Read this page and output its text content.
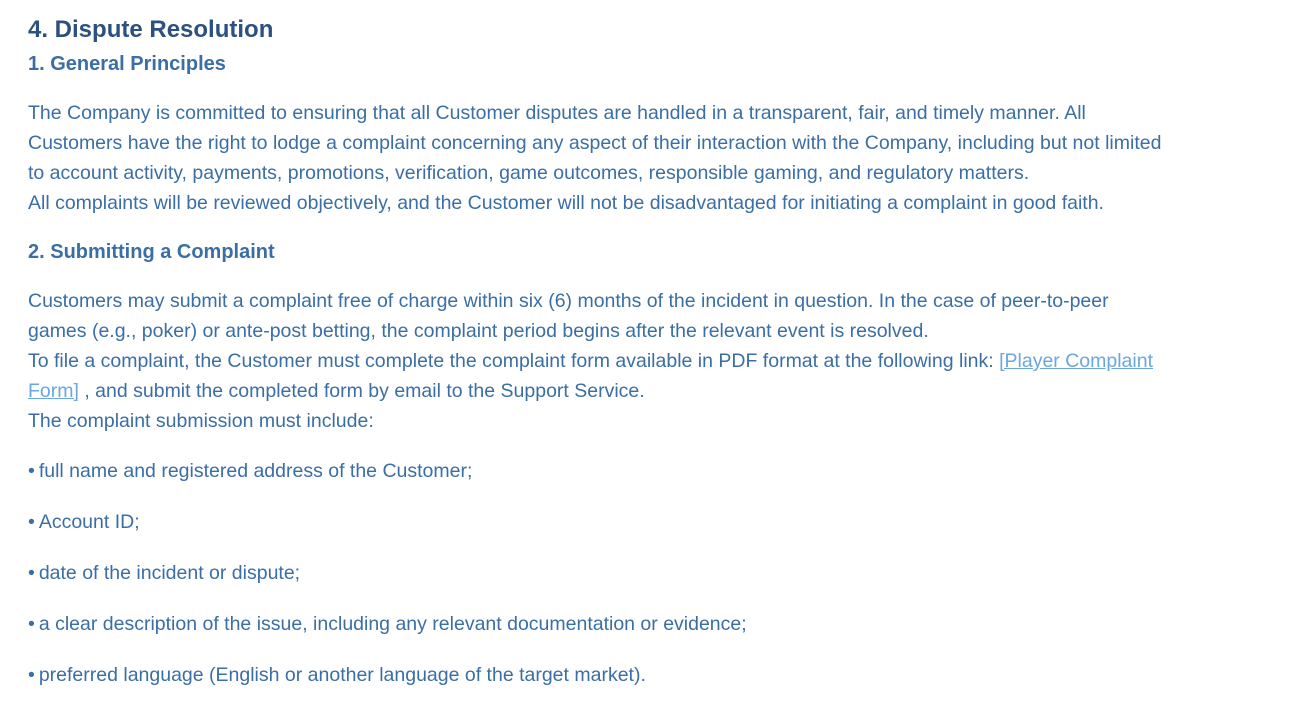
4. Dispute Resolution
1. General Principles

The Company is committed to ensuring that all Customer disputes are handled in a transparent, fair, and timely manner. All
Customers have the right to lodge a complaint concerning any aspect of their interaction with the Company, including but not limited
to account activity, payments, promotions, verification, game outcomes, responsible gaming, and regulatory matters.
All complaints will be reviewed objectively, and the Customer will not be disadvantaged for initiating a complaint in good faith.

2. Submitting a Complaint

Customers may submit a complaint free of charge within six (6) months of the incident in question. In the case of peer-to-peer
games (e.g., poker) or ante-post betting, the complaint period begins after the relevant event is resolved.
To file a complaint, the Customer must complete the complaint form available in PDF format at the following link: [Player Complaint
Form] , and submit the completed form by email to the Support Service.
The complaint submission must include:

• full name and registered address of the Customer;
• Account ID;
• date of the incident or dispute;
• a clear description of the issue, including any relevant documentation or evidence;
• preferred language (English or another language of the target market).
